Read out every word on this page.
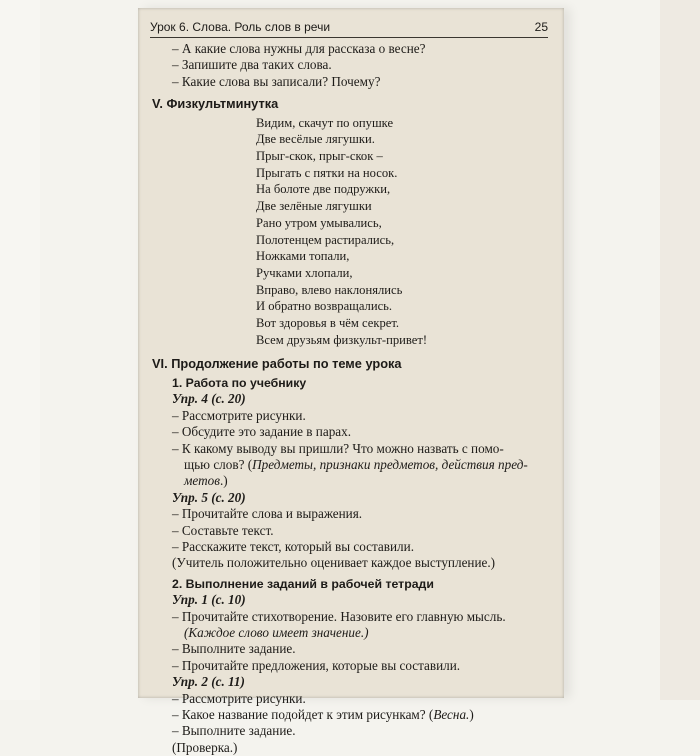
Урок 6. Слова. Роль слов в речи	25
– А какие слова нужны для рассказа о весне?
– Запишите два таких слова.
– Какие слова вы записали? Почему?
V. Физкультминутка
Видим, скачут по опушке
Две весёлые лягушки.
Прыг-скок, прыг-скок –
Прыгать с пятки на носок.
На болоте две подружки,
Две зелёные лягушки
Рано утром умывались,
Полотенцем растирались,
Ножками топали,
Ручками хлопали,
Вправо, влево наклонялись
И обратно возвращались.
Вот здоровья в чём секрет.
Всем друзьям физкульт-привет!
VI. Продолжение работы по теме урока
1. Работа по учебнику
Упр. 4 (с. 20)
– Рассмотрите рисунки.
– Обсудите это задание в парах.
– К какому выводу вы пришли? Что можно назвать с помо-
щью слов? (Предметы, признаки предметов, действия пред-
метов.)
Упр. 5 (с. 20)
– Прочитайте слова и выражения.
– Составьте текст.
– Расскажите текст, который вы составили.
(Учитель положительно оценивает каждое выступление.)
2. Выполнение заданий в рабочей тетради
Упр. 1 (с. 10)
– Прочитайте стихотворение. Назовите его главную мысль.
(Каждое слово имеет значение.)
– Выполните задание.
– Прочитайте предложения, которые вы составили.
Упр. 2 (с. 11)
– Рассмотрите рисунки.
– Какое название подойдет к этим рисункам? (Весна.)
– Выполните задание.
(Проверка.)
